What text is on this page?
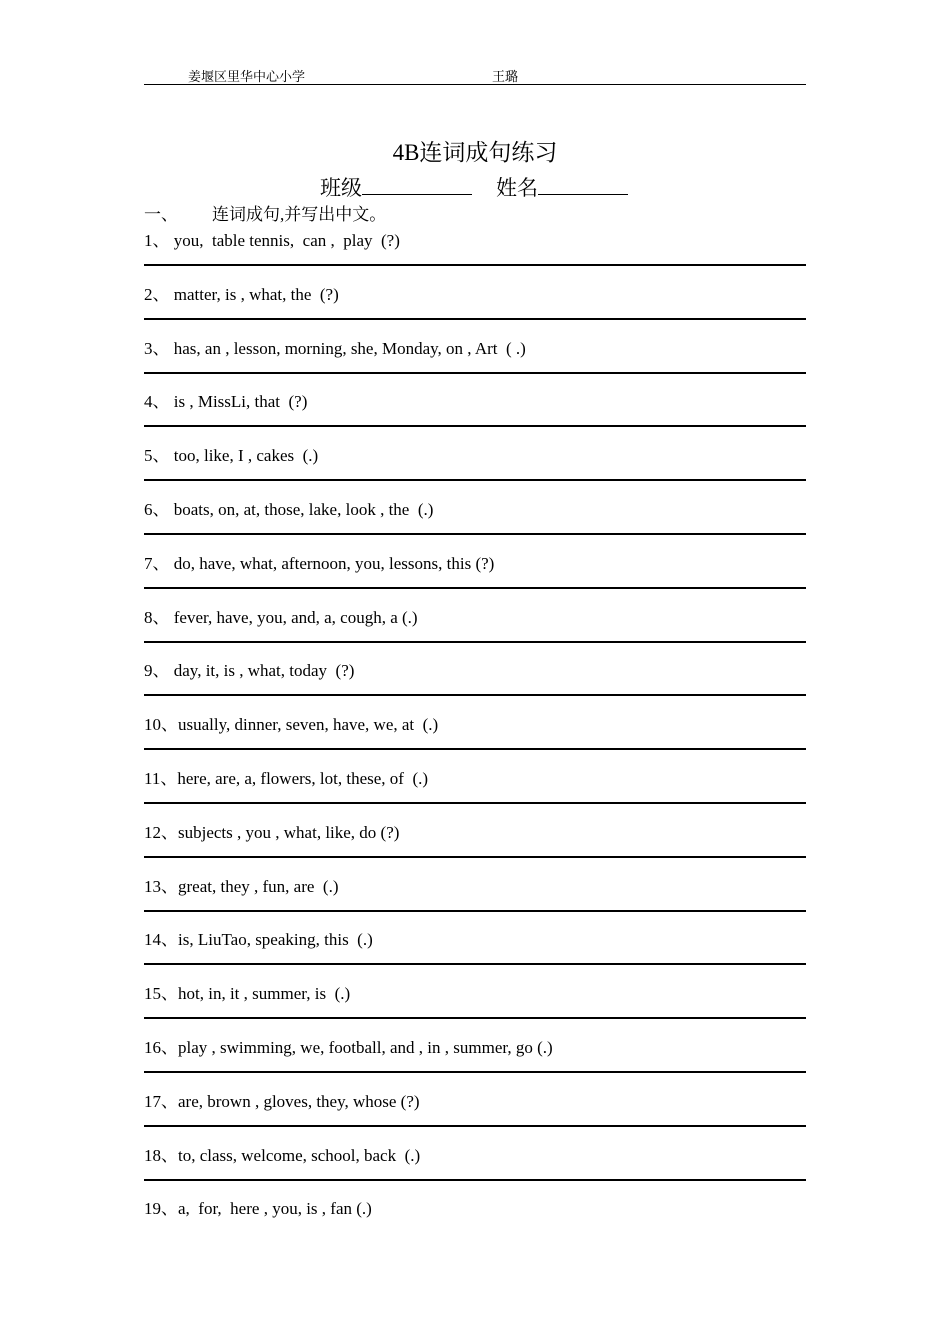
姜堰区里华中心小学	王璐
4B连词成句练习
班级	姓名
一、 连词成句,并写出中文。
1、 you,  table tennis,  can ,  play  (?)
2、 matter, is , what, the  (?)
3、 has, an , lesson, morning, she, Monday, on , Art  ( .)
4、 is , MissLi, that  (?)
5、 too, like, I , cakes  (.)
6、 boats, on, at, those, lake, look , the  (.)
7、 do, have, what, afternoon, you, lessons, this (?)
8、 fever, have, you, and, a, cough, a (.)
9、 day, it, is , what, today  (?)
10、usually, dinner, seven, have, we, at  (.)
11、here, are, a, flowers, lot, these, of  (.)
12、subjects , you , what, like, do (?)
13、great, they , fun, are  (.)
14、is, LiuTao, speaking, this  (.)
15、hot, in, it , summer, is  (.)
16、play , swimming, we, football, and , in , summer, go (.)
17、are, brown , gloves, they, whose (?)
18、to, class, welcome, school, back  (.)
19、a,  for,  here , you, is , fan (.)
